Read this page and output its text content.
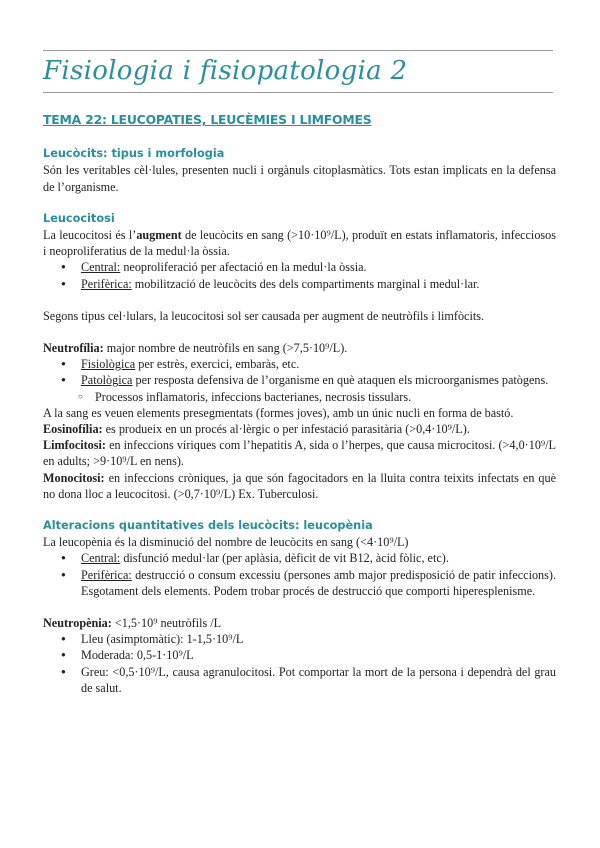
Fisiologia i fisiopatologia 2
TEMA 22: LEUCOPATIES, LEUCÈMIES I LIMFOMES
Leucòcits: tipus i morfologia

Són les veritables cèl·lules, presenten nucli i orgànuls citoplasmàtics. Tots estan implicats en la defensa de l’organisme.

Leucocitosi

La leucocitosi és l’augment de leucòcits en sang (>10·10⁹/L), produït en estats inflamatoris, infecciosos i neoproliferatius de la medul·la òssia.

● Central: neoproliferació per afectació en la medul·la òssia.
● Perifèrica: mobilització de leucòcits des dels compartiments marginal i medul·lar.

Segons tipus cel·lulars, la leucocitosi sol ser causada per augment de neutròfils i limfòcits.

Neutrofília: major nombre de neutròfils en sang (>7,5·10⁹/L).

● Fisiològica per estrès, exercici, embaràs, etc.
● Patològica per resposta defensiva de l’organisme en què ataquen els microorganismes patògens.
○ Processos inflamatoris, infeccions bacterianes, necrosis tissulars.

A la sang es veuen elements presegmentats (formes joves), amb un únic nucli en forma de bastó.

Eosinofília: es produeix en un procés al·lèrgic o per infestació parasitària (>0,4·10⁹/L).

Limfocitosi: en infeccions víriques com l’hepatitis A, sida o l’herpes, que causa microcitosi. (>4,0·10⁹/L en adults; >9·10⁹/L en nens).

Monocitosi: en infeccions cròniques, ja que són fagocitadors en la lluita contra teixits infectats en què no dona lloc a leucocitosi. (>0,7·10⁹/L) Ex. Tuberculosi.

Alteracions quantitatives dels leucòcits: leucopènia

La leucopènia és la disminució del nombre de leucòcits en sang (<4·10⁹/L)

● Central: disfunció medul·lar (per aplàsia, dèficit de vit B12, àcid fòlic, etc).
● Perifèrica: destrucció o consum excessiu (persones amb major predisposició de patir infeccions). Esgotament dels elements. Podem trobar procés de destrucció que comporti hiperesplenisme.

Neutropènia: <1,5·10⁹ neutròfils /L

● Lleu (asimptomàtic): 1-1,5·10⁹/L
● Moderada: 0,5-1·10⁹/L
● Greu: <0,5·10⁹/L, causa agranulocitosi. Pot comportar la mort de la persona i dependrà del grau de salut.
